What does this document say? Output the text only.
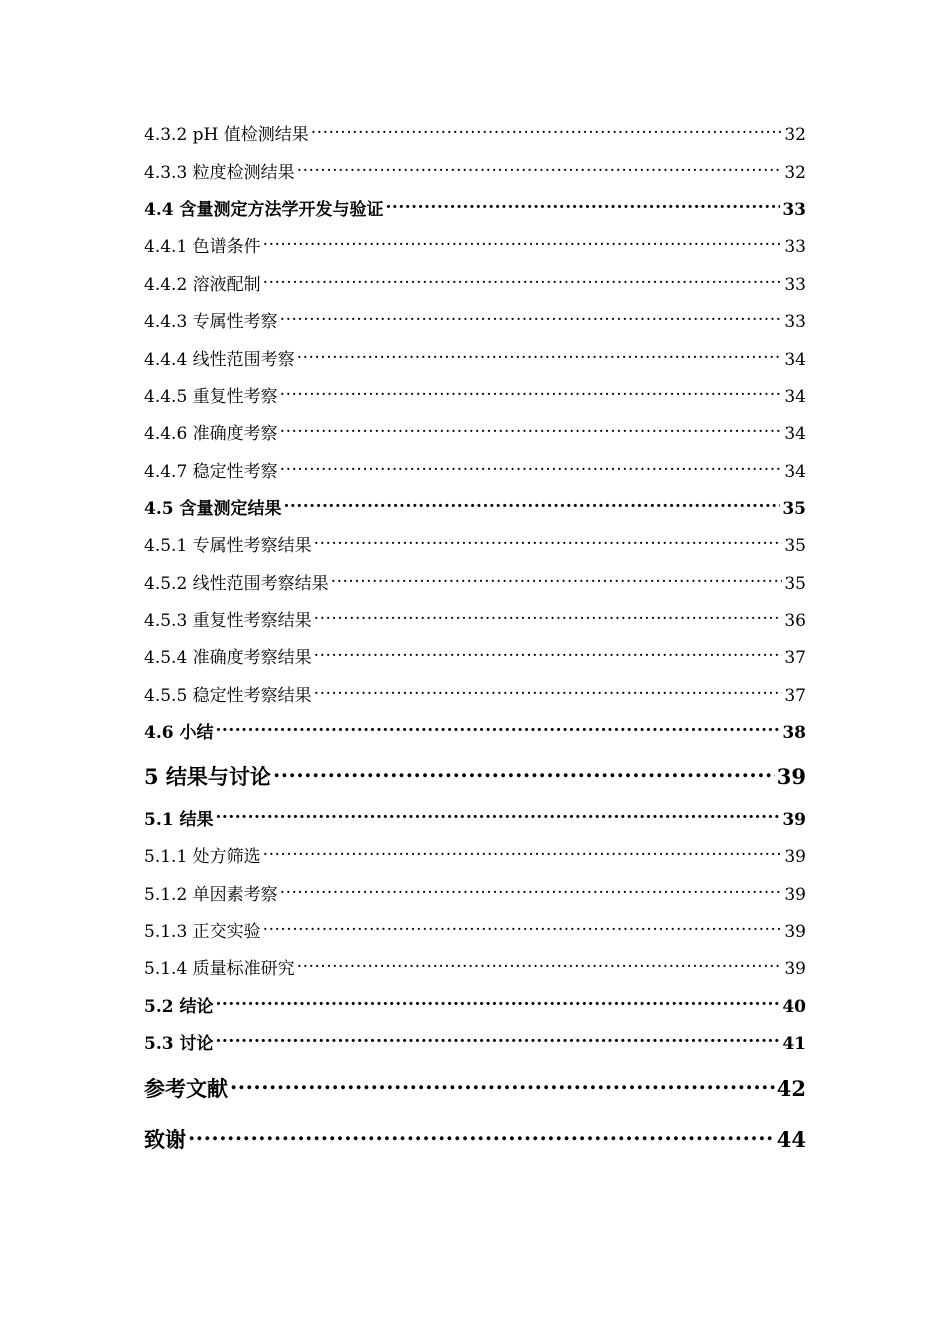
4.3.2 pH 值检测结果 .....	32
4.3.3 粒度检测结果 .....	32
4.4 含量测定方法学开发与验证 .....	33
4.4.1 色谱条件 .....	33
4.4.2 溶液配制 .....	33
4.4.3 专属性考察 .....	33
4.4.4 线性范围考察 .....	34
4.4.5 重复性考察 .....	34
4.4.6 准确度考察 .....	34
4.4.7 稳定性考察 .....	34
4.5 含量测定结果 .....	35
4.5.1 专属性考察结果 .....	35
4.5.2 线性范围考察结果 .....	35
4.5.3 重复性考察结果 .....	36
4.5.4 准确度考察结果 .....	37
4.5.5 稳定性考察结果 .....	37
4.6 小结 .....	38
5 结果与讨论 .....	39
5.1 结果 .....	39
5.1.1 处方筛选 .....	39
5.1.2 单因素考察 .....	39
5.1.3 正交实验 .....	39
5.1.4 质量标准研究 .....	39
5.2 结论 .....	40
5.3 讨论 .....	41
参考文献 .....	42
致谢 .....	44
